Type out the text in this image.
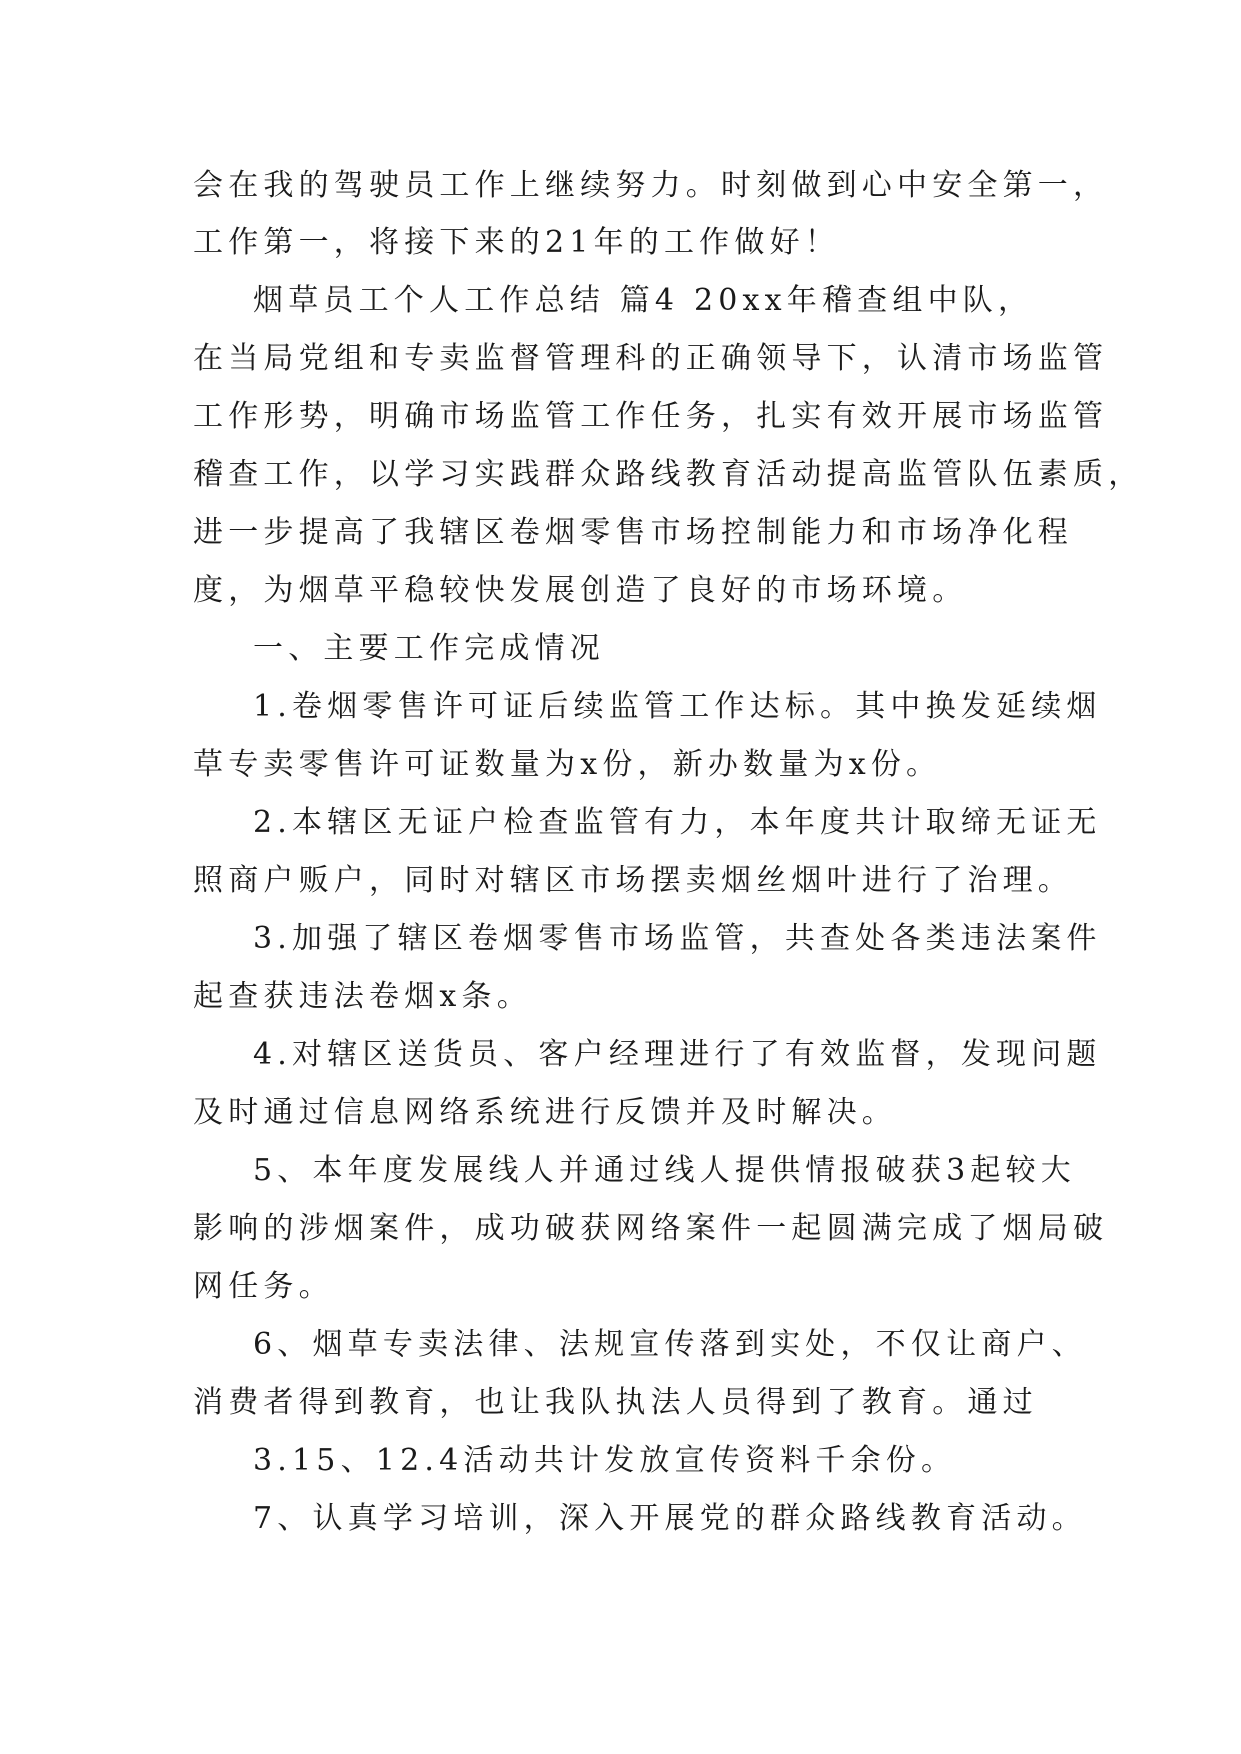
会在我的驾驶员工作上继续努力。时刻做到心中安全第一，
工作第一，将接下来的21年的工作做好！
烟草员工个人工作总结 篇4 20xx年稽查组中队，
在当局党组和专卖监督管理科的正确领导下，认清市场监管
工作形势，明确市场监管工作任务，扎实有效开展市场监管
稽查工作，以学习实践群众路线教育活动提高监管队伍素质，
进一步提高了我辖区卷烟零售市场控制能力和市场净化程
度，为烟草平稳较快发展创造了良好的市场环境。
一、主要工作完成情况
1.卷烟零售许可证后续监管工作达标。其中换发延续烟
草专卖零售许可证数量为x份，新办数量为x份。
2.本辖区无证户检查监管有力，本年度共计取缔无证无
照商户贩户，同时对辖区市场摆卖烟丝烟叶进行了治理。
3.加强了辖区卷烟零售市场监管，共查处各类违法案件
起查获违法卷烟x条。
4.对辖区送货员、客户经理进行了有效监督，发现问题
及时通过信息网络系统进行反馈并及时解决。
5、本年度发展线人并通过线人提供情报破获3起较大
影响的涉烟案件，成功破获网络案件一起圆满完成了烟局破
网任务。
6、烟草专卖法律、法规宣传落到实处，不仅让商户、
消费者得到教育，也让我队执法人员得到了教育。通过
3.15、12.4活动共计发放宣传资料千余份。
7、认真学习培训，深入开展党的群众路线教育活动。
